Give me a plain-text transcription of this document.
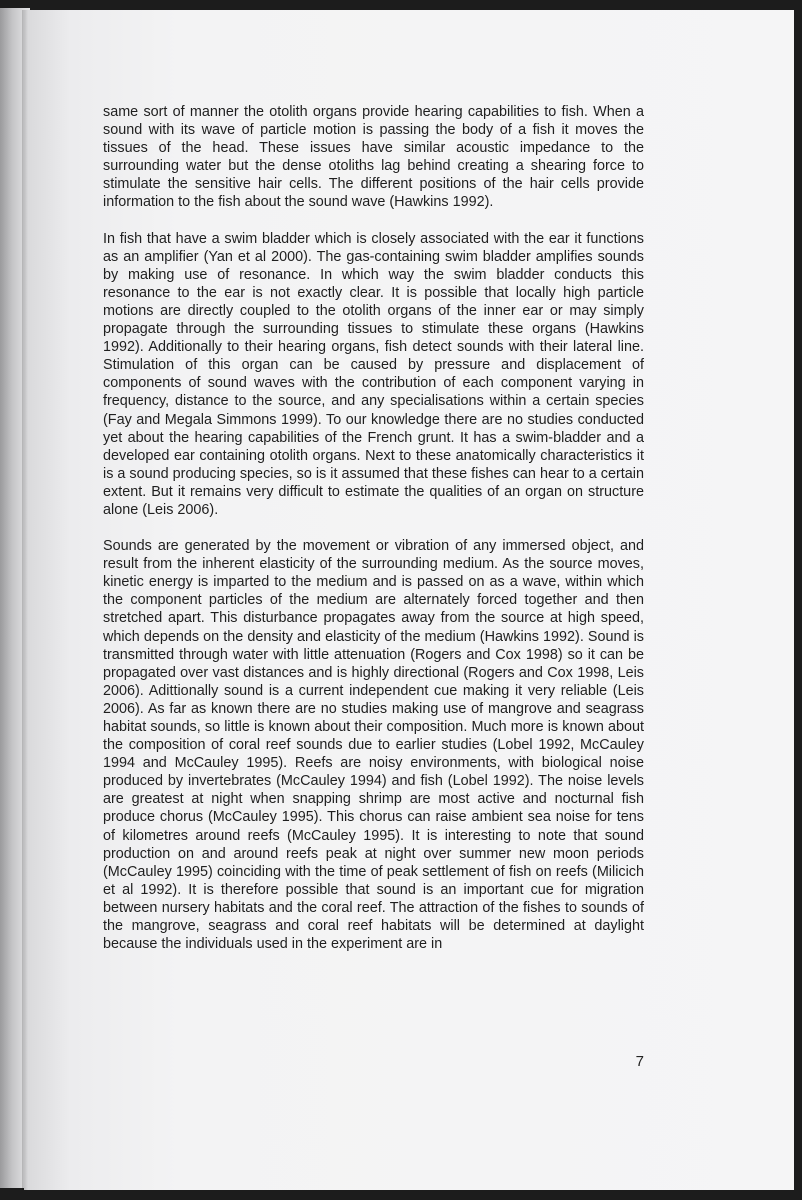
same sort of manner the otolith organs provide hearing capabilities to fish. When a sound with its wave of particle motion is passing the body of a fish it moves the tissues of the head. These issues have similar acoustic impedance to the surrounding water but the dense otoliths lag behind creating a shearing force to stimulate the sensitive hair cells. The different positions of the hair cells provide information to the fish about the sound wave (Hawkins 1992).

In fish that have a swim bladder which is closely associated with the ear it functions as an amplifier (Yan et al 2000). The gas-containing swim bladder amplifies sounds by making use of resonance. In which way the swim bladder conducts this resonance to the ear is not exactly clear. It is possible that locally high particle motions are directly coupled to the otolith organs of the inner ear or may simply propagate through the surrounding tissues to stimulate these organs (Hawkins 1992). Additionally to their hearing organs, fish detect sounds with their lateral line. Stimulation of this organ can be caused by pressure and displacement of components of sound waves with the contribution of each component varying in frequency, distance to the source, and any specialisations within a certain species (Fay and Megala Simmons 1999). To our knowledge there are no studies conducted yet about the hearing capabilities of the French grunt. It has a swim-bladder and a developed ear containing otolith organs. Next to these anatomically characteristics it is a sound producing species, so is it assumed that these fishes can hear to a certain extent. But it remains very difficult to estimate the qualities of an organ on structure alone (Leis 2006).

Sounds are generated by the movement or vibration of any immersed object, and result from the inherent elasticity of the surrounding medium. As the source moves, kinetic energy is imparted to the medium and is passed on as a wave, within which the component particles of the medium are alternately forced together and then stretched apart. This disturbance propagates away from the source at high speed, which depends on the density and elasticity of the medium (Hawkins 1992). Sound is transmitted through water with little attenuation (Rogers and Cox 1998) so it can be propagated over vast distances and is highly directional (Rogers and Cox 1998, Leis 2006). Adittionally sound is a current independent cue making it very reliable (Leis 2006). As far as known there are no studies making use of mangrove and seagrass habitat sounds, so little is known about their composition. Much more is known about the composition of coral reef sounds due to earlier studies (Lobel 1992, McCauley 1994 and McCauley 1995). Reefs are noisy environments, with biological noise produced by invertebrates (McCauley 1994) and fish (Lobel 1992). The noise levels are greatest at night when snapping shrimp are most active and nocturnal fish produce chorus (McCauley 1995). This chorus can raise ambient sea noise for tens of kilometres around reefs (McCauley 1995). It is interesting to note that sound production on and around reefs peak at night over summer new moon periods (McCauley 1995) coinciding with the time of peak settlement of fish on reefs (Milicich et al 1992). It is therefore possible that sound is an important cue for migration between nursery habitats and the coral reef. The attraction of the fishes to sounds of the mangrove, seagrass and coral reef habitats will be determined at daylight because the individuals used in the experiment are in

7
